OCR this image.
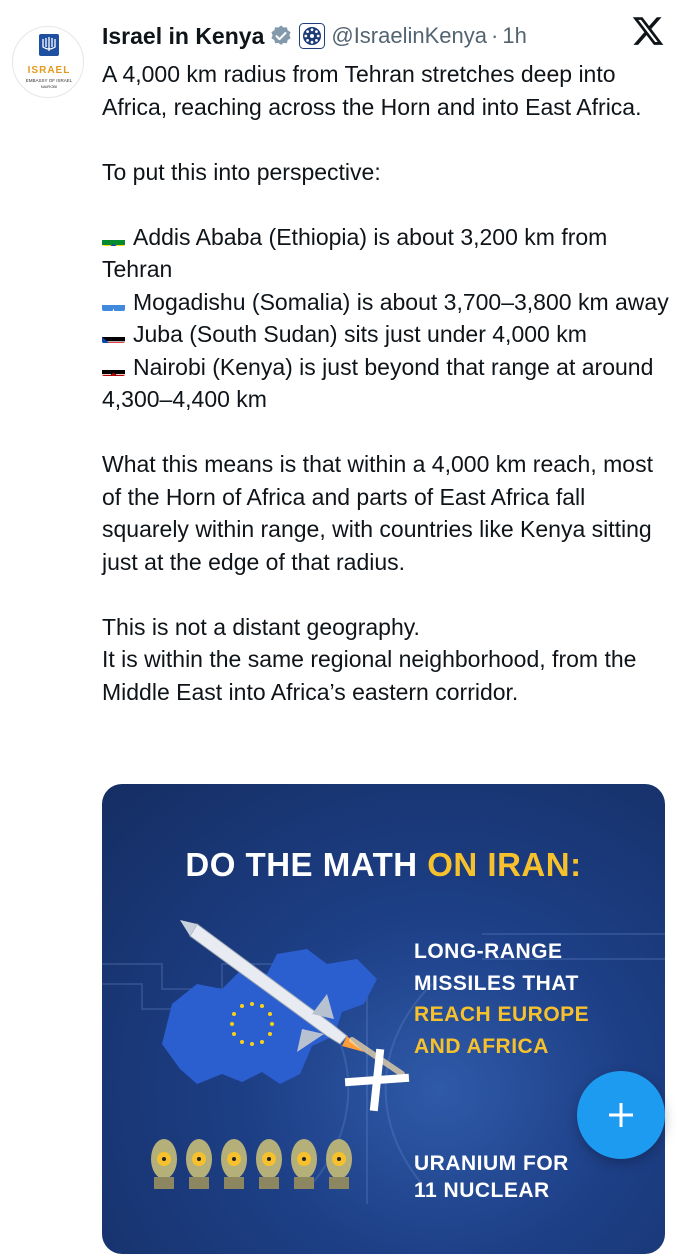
ISRAEL
EMBASSY OF ISRAEL
NAIROBI
Israel in Kenya	@IsraelinKenya · 1h

A 4,000 km radius from Tehran stretches deep into Africa, reaching across the Horn and into East Africa.

To put this into perspective:

Addis Ababa (Ethiopia) is about 3,200 km from Tehran

Mogadishu (Somalia) is about 3,700–3,800 km away

Juba (South Sudan) sits just under 4,000 km

Nairobi (Kenya) is just beyond that range at around 4,300–4,400 km

What this means is that within a 4,000 km reach, most of the Horn of Africa and parts of East Africa fall squarely within range, with countries like Kenya sitting just at the edge of that radius.

This is not a distant geography.

It is within the same regional neighborhood, from the Middle East into Africa’s eastern corridor.

DO THE MATH ON IRAN:
LONG-RANGE
MISSILES THAT
REACH EUROPE
AND AFRICA
URANIUM FOR
11 NUCLEAR
